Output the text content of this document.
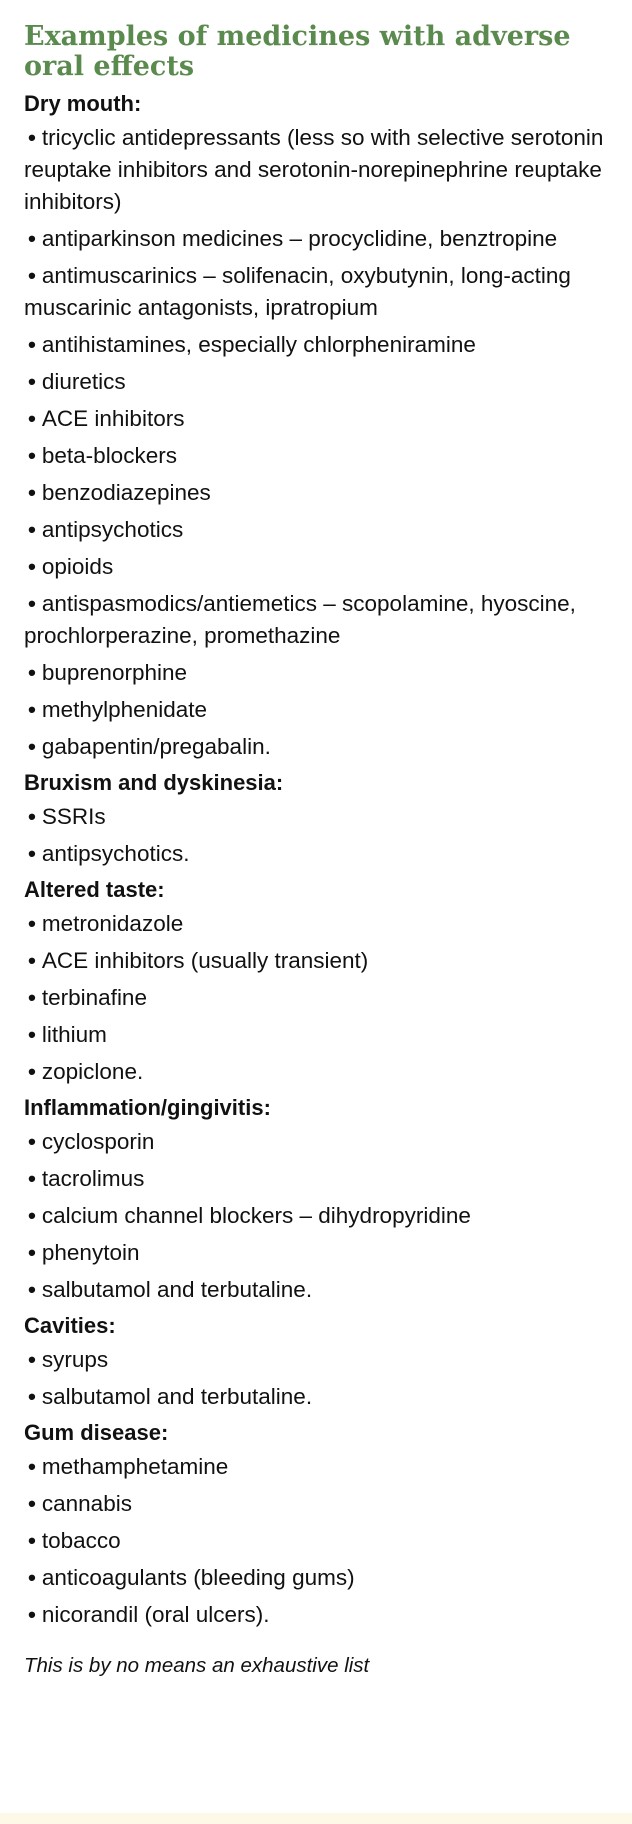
Examples of medicines with adverse oral effects
Dry mouth:
• tricyclic antidepressants (less so with selective serotonin reuptake inhibitors and serotonin-norepinephrine reuptake inhibitors)
• antiparkinson medicines – procyclidine, benztropine
• antimuscarinics – solifenacin, oxybutynin, long-acting muscarinic antagonists, ipratropium
• antihistamines, especially chlorpheniramine
• diuretics
• ACE inhibitors
• beta-blockers
• benzodiazepines
• antipsychotics
• opioids
• antispasmodics/antiemetics – scopolamine, hyoscine, prochlorperazine, promethazine
• buprenorphine
• methylphenidate
• gabapentin/pregabalin.
Bruxism and dyskinesia:
• SSRIs
• antipsychotics.
Altered taste:
• metronidazole
• ACE inhibitors (usually transient)
• terbinafine
• lithium
• zopiclone.
Inflammation/gingivitis:
• cyclosporin
• tacrolimus
• calcium channel blockers – dihydropyridine
• phenytoin
• salbutamol and terbutaline.
Cavities:
• syrups
• salbutamol and terbutaline.
Gum disease:
• methamphetamine
• cannabis
• tobacco
• anticoagulants (bleeding gums)
• nicorandil (oral ulcers).
This is by no means an exhaustive list
